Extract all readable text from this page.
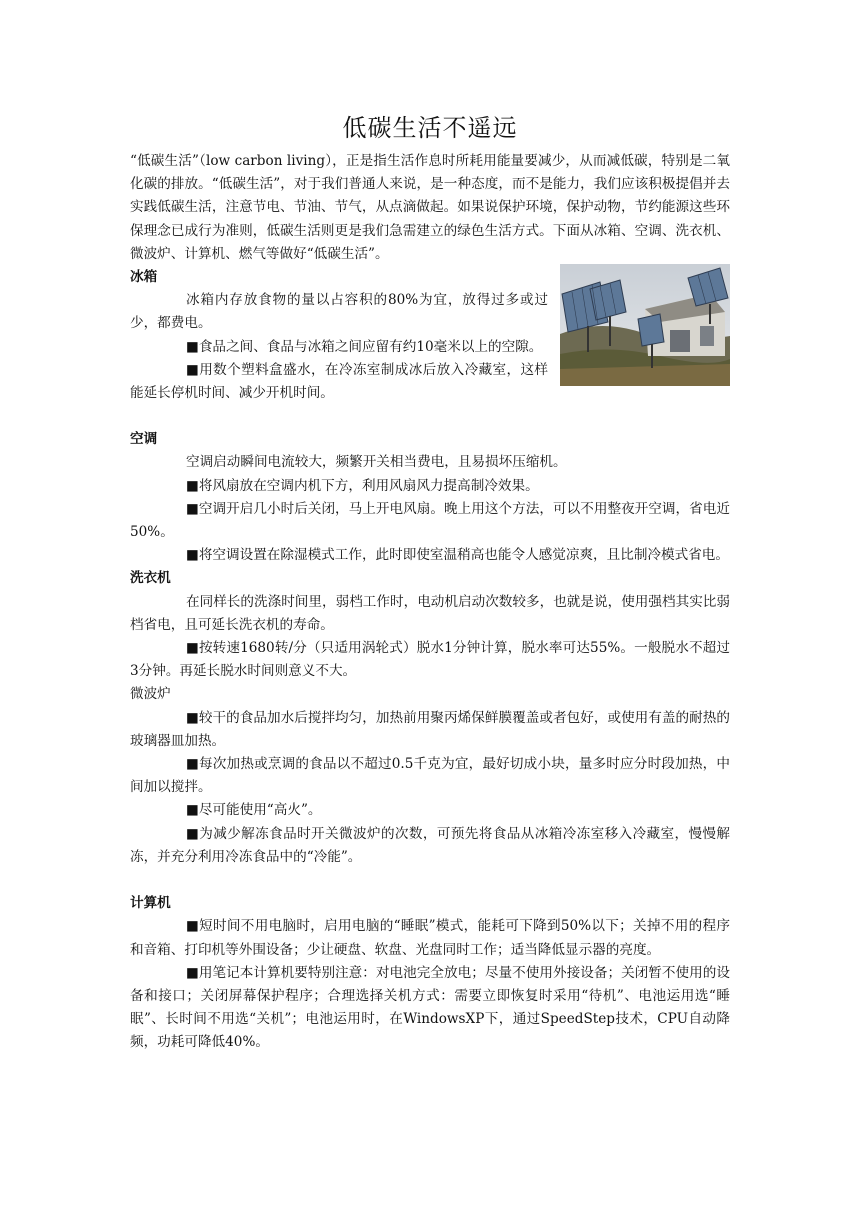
低碳生活不遥远

“低碳生活”（low carbon living），正是指生活作息时所耗用能量要减少，从而减低碳，特别是二氧化碳的排放。“低碳生活”，对于我们普通人来说，是一种态度，而不是能力，我们应该积极提倡并去实践低碳生活，注意节电、节油、节气，从点滴做起。如果说保护环境，保护动物，节约能源这些环保理念已成行为准则，低碳生活则更是我们急需建立的绿色生活方式。下面从冰箱、空调、洗衣机、微波炉、计算机、燃气等做好“低碳生活”。

冰箱

冰箱内存放食物的量以占容积的80%为宜，放得过多或过少，都费电。

■食品之间、食品与冰箱之间应留有约10毫米以上的空隙。

■用数个塑料盒盛水，在冷冻室制成冰后放入冷藏室，这样能延长停机时间、减少开机时间。

空调

空调启动瞬间电流较大，频繁开关相当费电，且易损坏压缩机。

■将风扇放在空调内机下方，利用风扇风力提高制冷效果。

■空调开启几小时后关闭，马上开电风扇。晚上用这个方法，可以不用整夜开空调，省电近50%。

■将空调设置在除湿模式工作，此时即使室温稍高也能令人感觉凉爽，且比制冷模式省电。

洗衣机

在同样长的洗涤时间里，弱档工作时，电动机启动次数较多，也就是说，使用强档其实比弱档省电，且可延长洗衣机的寿命。

■按转速1680转/分（只适用涡轮式）脱水1分钟计算，脱水率可达55%。一般脱水不超过3分钟。再延长脱水时间则意义不大。

微波炉

■较干的食品加水后搅拌均匀，加热前用聚丙烯保鲜膜覆盖或者包好，或使用有盖的耐热的玻璃器皿加热。

■每次加热或烹调的食品以不超过0.5千克为宜，最好切成小块，量多时应分时段加热，中间加以搅拌。

■尽可能使用“高火”。

■为减少解冻食品时开关微波炉的次数，可预先将食品从冰箱冷冻室移入冷藏室，慢慢解冻，并充分利用冷冻食品中的“冷能”。

计算机

■短时间不用电脑时，启用电脑的“睡眠”模式，能耗可下降到50%以下；关掉不用的程序和音箱、打印机等外围设备；少让硬盘、软盘、光盘同时工作；适当降低显示器的亮度。

■用笔记本计算机要特别注意：对电池完全放电；尽量不使用外接设备；关闭暂不使用的设备和接口；关闭屏幕保护程序；合理选择关机方式：需要立即恢复时采用“待机”、电池运用选“睡眠”、长时间不用选“关机”；电池运用时，在WindowsXP下，通过SpeedStep技术，CPU自动降频，功耗可降低40%。
